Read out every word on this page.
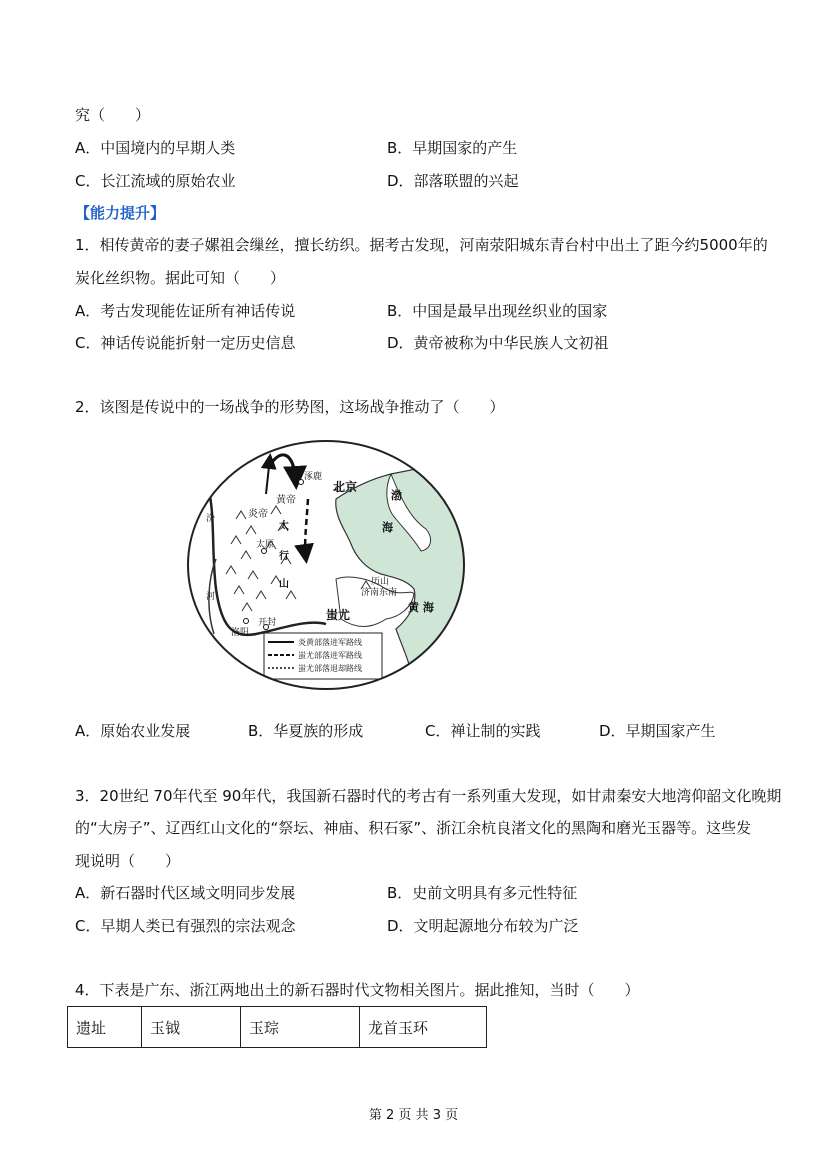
究（　　）
A．中国境内的早期人类	B．早期国家的产生
C．长江流域的原始农业	D．部落联盟的兴起
【能力提升】
1．相传黄帝的妻子嫘祖会缫丝，擅长纺织。据考古发现，河南荥阳城东青台村中出土了距今约5000年的
炭化丝织物。据此可知（　　）
A．考古发现能佐证所有神话传说	B．中国是最早出现丝织业的国家
C．神话传说能折射一定历史信息	D．黄帝被称为中华民族人文初祖
2．该图是传说中的一场战争的形势图，这场战争推动了（　　）
涿鹿
北京
黄帝
炎帝
太
行
山
太原
汾
河
洛阳
开封
蚩尤
历山
济南东南
渤
海
黄 海
炎黄部落进军路线
蚩尤部落进军路线
蚩尤部落退却路线
A．原始农业发展	B．华夏族的形成	C．禅让制的实践	D．早期国家产生
3．20世纪 70年代至 90年代，我国新石器时代的考古有一系列重大发现，如甘肃秦安大地湾仰韶文化晚期
的“大房子”、辽西红山文化的“祭坛、神庙、积石冢”、浙江余杭良渚文化的黑陶和磨光玉器等。这些发
现说明（　　）
A．新石器时代区域文明同步发展	B．史前文明具有多元性特征
C．早期人类已有强烈的宗法观念	D．文明起源地分布较为广泛
4．下表是广东、浙江两地出土的新石器时代文物相关图片。据此推知，当时（　　）
遗址	玉钺	玉琮	龙首玉环
第 2 页 共 3 页
